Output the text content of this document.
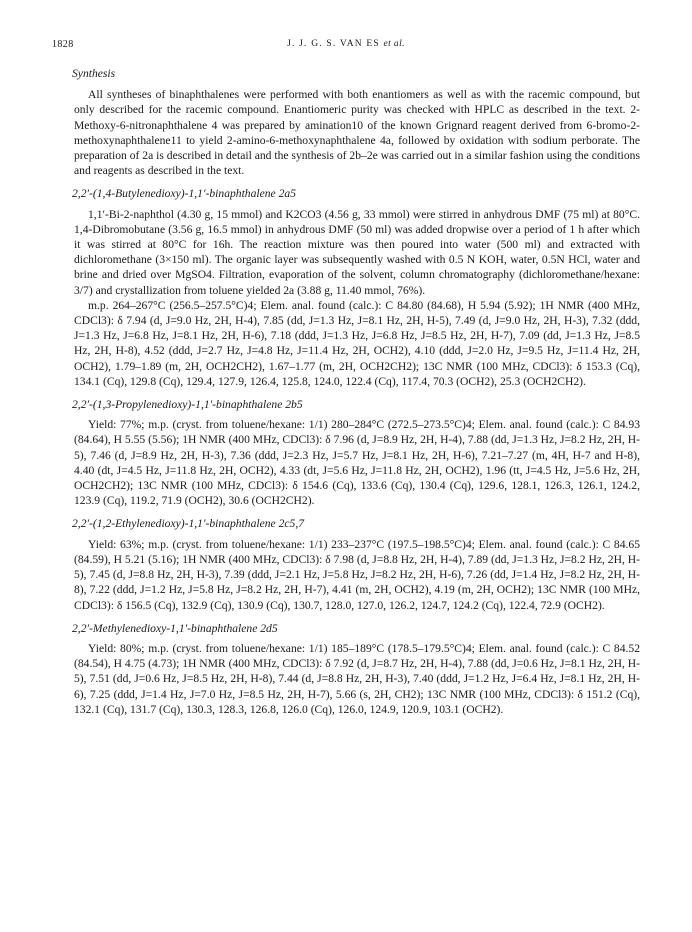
1828	J. J. G. S. VAN ES et al.
Synthesis

All syntheses of binaphthalenes were performed with both enantiomers as well as with the racemic compound, but only described for the racemic compound. Enantiomeric purity was checked with HPLC as described in the text. 2-Methoxy-6-nitronaphthalene 4 was prepared by amination10 of the known Grignard reagent derived from 6-bromo-2-methoxynaphthalene11 to yield 2-amino-6-methoxynaphthalene 4a, followed by oxidation with sodium perborate. The preparation of 2a is described in detail and the synthesis of 2b–2e was carried out in a similar fashion using the conditions and reagents as described in the text.

2,2′-(1,4-Butylenedioxy)-1,1′-binaphthalene 2a5

1,1′-Bi-2-naphthol (4.30 g, 15 mmol) and K2CO3 (4.56 g, 33 mmol) were stirred in anhydrous DMF (75 ml) at 80°C. 1,4-Dibromobutane (3.56 g, 16.5 mmol) in anhydrous DMF (50 ml) was added dropwise over a period of 1 h after which it was stirred at 80°C for 16h. The reaction mixture was then poured into water (500 ml) and extracted with dichloromethane (3×150 ml). The organic layer was subsequently washed with 0.5 N KOH, water, 0.5N HCl, water and brine and dried over MgSO4. Filtration, evaporation of the solvent, column chromatography (dichloromethane/hexane: 3/7) and crystallization from toluene yielded 2a (3.88 g, 11.40 mmol, 76%).

m.p. 264–267°C (256.5–257.5°C)4; Elem. anal. found (calc.): C 84.80 (84.68), H 5.94 (5.92); 1H NMR (400 MHz, CDCl3): δ 7.94 (d, J=9.0 Hz, 2H, H-4), 7.85 (dd, J=1.3 Hz, J=8.1 Hz, 2H, H-5), 7.49 (d, J=9.0 Hz, 2H, H-3), 7.32 (ddd, J=1.3 Hz, J=6.8 Hz, J=8.1 Hz, 2H, H-6), 7.18 (ddd, J=1.3 Hz, J=6.8 Hz, J=8.5 Hz, 2H, H-7), 7.09 (dd, J=1.3 Hz, J=8.5 Hz, 2H, H-8), 4.52 (ddd, J=2.7 Hz, J=4.8 Hz, J=11.4 Hz, 2H, OCH2), 4.10 (ddd, J=2.0 Hz, J=9.5 Hz, J=11.4 Hz, 2H, OCH2), 1.79–1.89 (m, 2H, OCH2CH2), 1.67–1.77 (m, 2H, OCH2CH2); 13C NMR (100 MHz, CDCl3): δ 153.3 (Cq), 134.1 (Cq), 129.8 (Cq), 129.4, 127.9, 126.4, 125.8, 124.0, 122.4 (Cq), 117.4, 70.3 (OCH2), 25.3 (OCH2CH2).

2,2′-(1,3-Propylenedioxy)-1,1′-binaphthalene 2b5

Yield: 77%; m.p. (cryst. from toluene/hexane: 1/1) 280–284°C (272.5–273.5°C)4; Elem. anal. found (calc.): C 84.93 (84.64), H 5.55 (5.56); 1H NMR (400 MHz, CDCl3): δ 7.96 (d, J=8.9 Hz, 2H, H-4), 7.88 (dd, J=1.3 Hz, J=8.2 Hz, 2H, H-5), 7.46 (d, J=8.9 Hz, 2H, H-3), 7.36 (ddd, J=2.3 Hz, J=5.7 Hz, J=8.1 Hz, 2H, H-6), 7.21–7.27 (m, 4H, H-7 and H-8), 4.40 (dt, J=4.5 Hz, J=11.8 Hz, 2H, OCH2), 4.33 (dt, J=5.6 Hz, J=11.8 Hz, 2H, OCH2), 1.96 (tt, J=4.5 Hz, J=5.6 Hz, 2H, OCH2CH2); 13C NMR (100 MHz, CDCl3): δ 154.6 (Cq), 133.6 (Cq), 130.4 (Cq), 129.6, 128.1, 126.3, 126.1, 124.2, 123.9 (Cq), 119.2, 71.9 (OCH2), 30.6 (OCH2CH2).

2,2′-(1,2-Ethylenedioxy)-1,1′-binaphthalene 2c5,7

Yield: 63%; m.p. (cryst. from toluene/hexane: 1/1) 233–237°C (197.5–198.5°C)4; Elem. anal. found (calc.): C 84.65 (84.59), H 5.21 (5.16); 1H NMR (400 MHz, CDCl3): δ 7.98 (d, J=8.8 Hz, 2H, H-4), 7.89 (dd, J=1.3 Hz, J=8.2 Hz, 2H, H-5), 7.45 (d, J=8.8 Hz, 2H, H-3), 7.39 (ddd, J=2.1 Hz, J=5.8 Hz, J=8.2 Hz, 2H, H-6), 7.26 (dd, J=1.4 Hz, J=8.2 Hz, 2H, H-8), 7.22 (ddd, J=1.2 Hz, J=5.8 Hz, J=8.2 Hz, 2H, H-7), 4.41 (m, 2H, OCH2), 4.19 (m, 2H, OCH2); 13C NMR (100 MHz, CDCl3): δ 156.5 (Cq), 132.9 (Cq), 130.9 (Cq), 130.7, 128.0, 127.0, 126.2, 124.7, 124.2 (Cq), 122.4, 72.9 (OCH2).

2,2′-Methylenedioxy-1,1′-binaphthalene 2d5

Yield: 80%; m.p. (cryst. from toluene/hexane: 1/1) 185–189°C (178.5–179.5°C)4; Elem. anal. found (calc.): C 84.52 (84.54), H 4.75 (4.73); 1H NMR (400 MHz, CDCl3): δ 7.92 (d, J=8.7 Hz, 2H, H-4), 7.88 (dd, J=0.6 Hz, J=8.1 Hz, 2H, H-5), 7.51 (dd, J=0.6 Hz, J=8.5 Hz, 2H, H-8), 7.44 (d, J=8.8 Hz, 2H, H-3), 7.40 (ddd, J=1.2 Hz, J=6.4 Hz, J=8.1 Hz, 2H, H-6), 7.25 (ddd, J=1.4 Hz, J=7.0 Hz, J=8.5 Hz, 2H, H-7), 5.66 (s, 2H, CH2); 13C NMR (100 MHz, CDCl3): δ 151.2 (Cq), 132.1 (Cq), 131.7 (Cq), 130.3, 128.3, 126.8, 126.0 (Cq), 126.0, 124.9, 120.9, 103.1 (OCH2).
